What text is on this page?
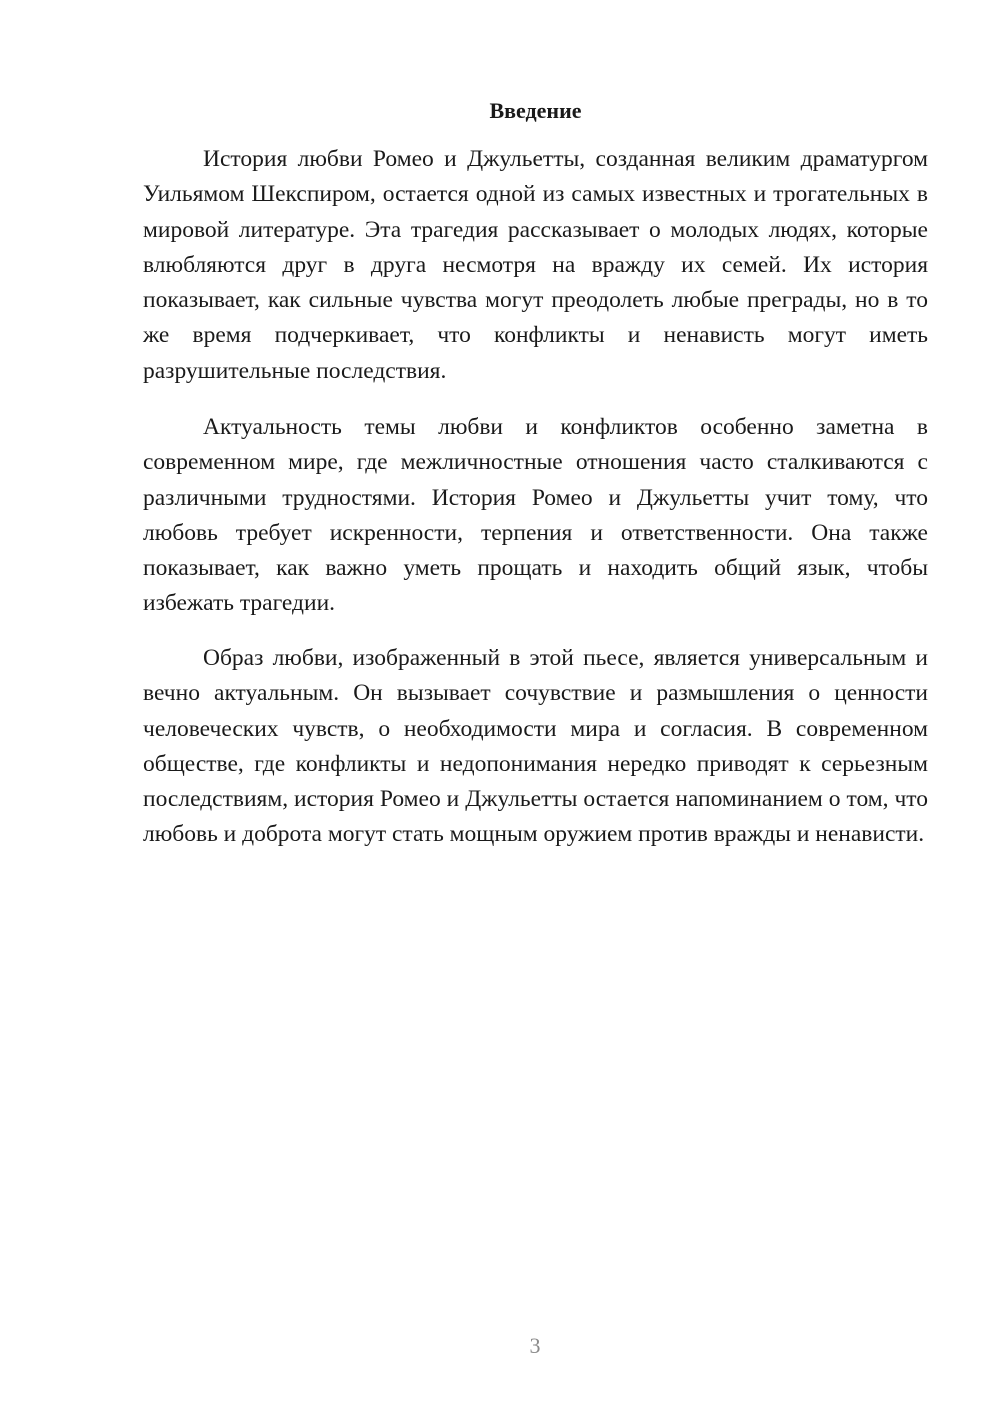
Введение

История любви Ромео и Джульетты, созданная великим драматургом Уильямом Шекспиром, остается одной из самых известных и трогательных в мировой литературе. Эта трагедия рассказывает о молодых людях, которые влюбляются друг в друга несмотря на вражду их семей. Их история показывает, как сильные чувства могут преодолеть любые преграды, но в то же время подчеркивает, что конфликты и ненависть могут иметь разрушительные последствия.

Актуальность темы любви и конфликтов особенно заметна в современном мире, где межличностные отношения часто сталкиваются с различными трудностями. История Ромео и Джульетты учит тому, что любовь требует искренности, терпения и ответственности. Она также показывает, как важно уметь прощать и находить общий язык, чтобы избежать трагедии.

Образ любви, изображенный в этой пьесе, является универсальным и вечно актуальным. Он вызывает сочувствие и размышления о ценности человеческих чувств, о необходимости мира и согласия. В современном обществе, где конфликты и недопонимания нередко приводят к серьезным последствиям, история Ромео и Джульетты остается напоминанием о том, что любовь и доброта могут стать мощным оружием против вражды и ненависти.

3
